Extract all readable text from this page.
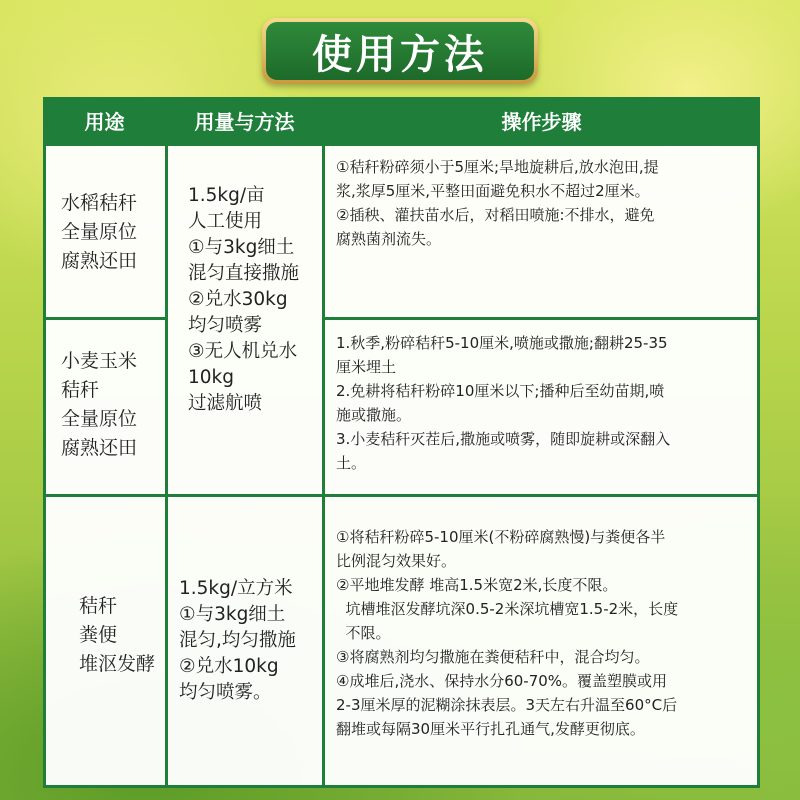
使用方法
用途	用量与方法	操作步骤
水稻秸秆
全量原位
腐熟还田
小麦玉米
秸秆
全量原位
腐熟还田
秸秆
粪便
堆沤发酵
1.5kg/亩
人工使用
①与3kg细土
混匀直接撒施
②兑水30kg
均匀喷雾
③无人机兑水
10kg
过滤航喷
1.5kg/立方米
①与3kg细土
混匀,均匀撒施
②兑水10kg
均匀喷雾。
①秸秆粉碎须小于5厘米;旱地旋耕后,放水泡田,提
浆,浆厚5厘米,平整田面避免积水不超过2厘米。
②插秧、灌扶苗水后，对稻田喷施:不排水，避免
腐熟菌剂流失。
1.秋季,粉碎秸秆5-10厘米,喷施或撒施;翻耕25-35
厘米埋土
2.免耕将秸秆粉碎10厘米以下;播种后至幼苗期,喷
施或撒施。
3.小麦秸秆灭茬后,撒施或喷雾，随即旋耕或深翻入
土。
①将秸秆粉碎5-10厘米(不粉碎腐熟慢)与粪便各半
比例混匀效果好。
②平地堆发酵 堆高1.5米宽2米,长度不限。
坑槽堆沤发酵坑深0.5-2米深坑槽宽1.5-2米，长度
不限。
③将腐熟剂均匀撒施在粪便秸秆中，混合均匀。
④成堆后,浇水、保持水分60-70%。覆盖塑膜或用
2-3厘米厚的泥糊涂抹表层。3天左右升温至60°C后
翻堆或每隔30厘米平行扎孔通气,发酵更彻底。
